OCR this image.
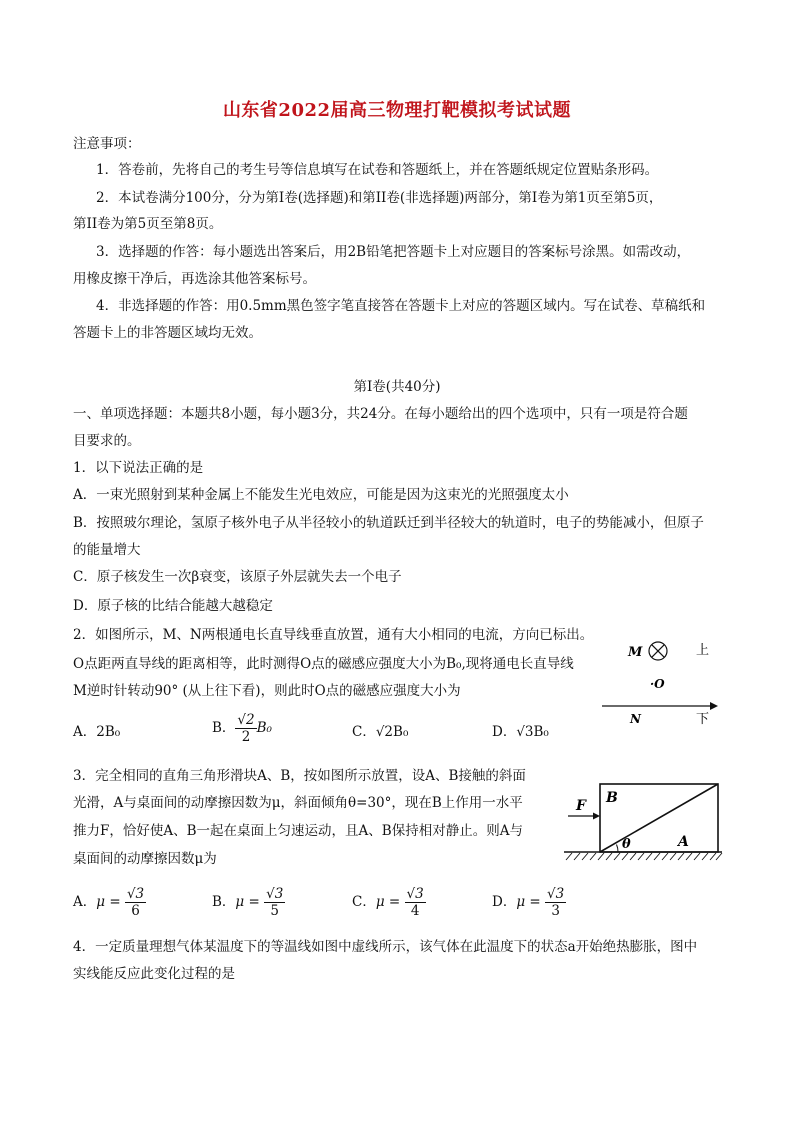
山东省2022届高三物理打靶模拟考试试题
注意事项：
1．答卷前，先将自己的考生号等信息填写在试卷和答题纸上，并在答题纸规定位置贴条形码。
2．本试卷满分100分，分为第I卷(选择题)和第II卷(非选择题)两部分，第I卷为第1页至第5页，
第II卷为第5页至第8页。
3．选择题的作答：每小题选出答案后，用2B铅笔把答题卡上对应题目的答案标号涂黑。如需改动，
用橡皮擦干净后，再选涂其他答案标号。
4．非选择题的作答：用0.5mm黑色签字笔直接答在答题卡上对应的答题区域内。写在试卷、草稿纸和
答题卡上的非答题区域均无效。
第I卷(共40分)
一、单项选择题：本题共8小题，每小题3分，共24分。在每小题给出的四个选项中，只有一项是符合题
目要求的。
1．以下说法正确的是
A．一束光照射到某种金属上不能发生光电效应，可能是因为这束光的光照强度太小
B．按照玻尔理论，氢原子核外电子从半径较小的轨道跃迁到半径较大的轨道时，电子的势能减小，但原子
的能量增大
C．原子核发生一次β衰变，该原子外层就失去一个电子
D．原子核的比结合能越大越稳定
2．如图所示，M、N两根通电长直导线垂直放置，通有大小相同的电流，方向已标出。
O点距两直导线的距离相等，此时测得O点的磁感应强度大小为B₀,现将通电长直导线
M逆时针转动90° (从上往下看)，则此时O点的磁感应强度大小为
A．2B₀	B． $\frac{√2}{2} B_0$	C．√2B₀	D．√3B₀
M	上
·O
N	下
3．完全相同的直角三角形滑块A、B，按如图所示放置，设A、B接触的斜面
光滑，A与桌面间的动摩擦因数为μ，斜面倾角θ=30°，现在B上作用一水平
推力F，恰好使A、B一起在桌面上匀速运动，且A、B保持相对静止。则A与
桌面间的动摩擦因数μ为
A．$\mu = \frac{√3}{6}$	B．$\mu = \frac{√3}{5}$	C．$\mu = \frac{√3}{4}$	D．$\mu = \frac{√3}{3}$
θ
B
A
F
4．一定质量理想气体某温度下的等温线如图中虚线所示，该气体在此温度下的状态a开始绝热膨胀，图中
实线能反应此变化过程的是
